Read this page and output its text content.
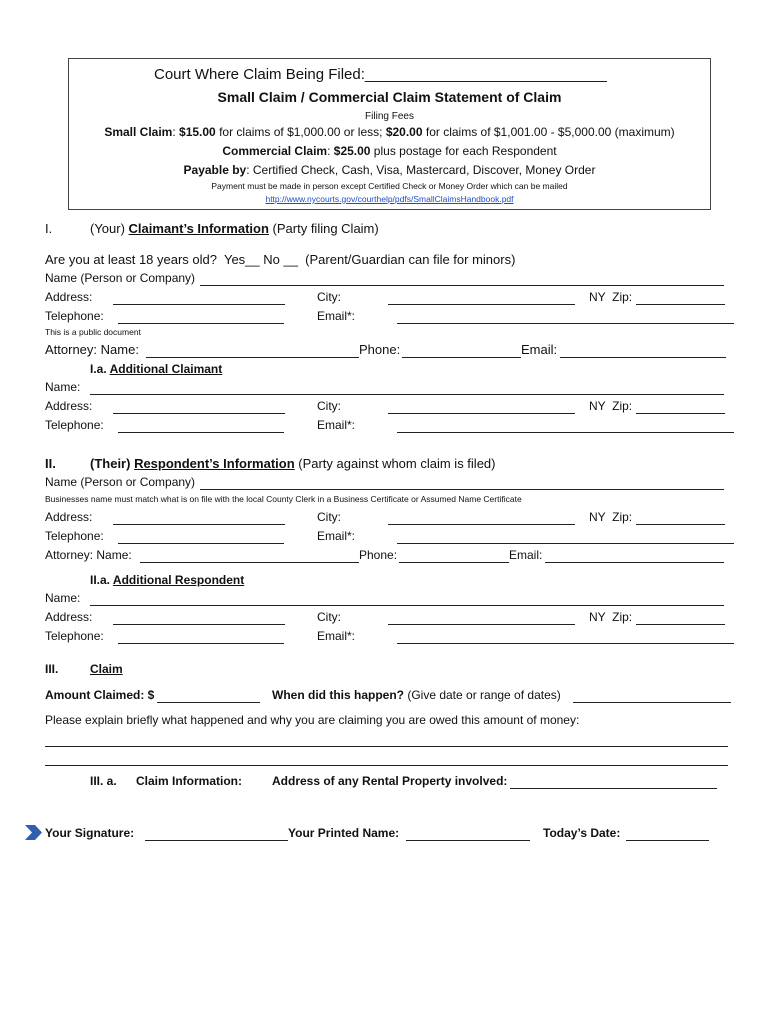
Court Where Claim Being Filed:_____________________________
Small Claim / Commercial Claim Statement of Claim
Filing Fees
Small Claim: $15.00 for claims of $1,000.00 or less; $20.00 for claims of $1,001.00 - $5,000.00 (maximum)
Commercial Claim: $25.00 plus postage for each Respondent
Payable by: Certified Check, Cash, Visa, Mastercard, Discover, Money Order
Payment must be made in person except Certified Check or Money Order which can be mailed
http://www.nycourts.gov/courthelp/pdfs/SmallClaimsHandbook.pdf
I.	(Your) Claimant’s Information (Party filing Claim)
Are you at least 18 years old?  Yes__ No __  (Parent/Guardian can file for minors)
Name (Person or Company)
Address:	City:	NY  Zip:
Telephone:	Email*:
This is a public document
Attorney: Name:	Phone:	Email:
I.a. Additional Claimant
Name:
Address:	City:	NY  Zip:
Telephone:	Email*:
II.	(Their) Respondent’s Information (Party against whom claim is filed)
Name (Person or Company)
Businesses name must match what is on file with the local County Clerk in a Business Certificate or Assumed Name Certificate
Address:	City:	NY  Zip:
Telephone:	Email*:
Attorney: Name:	Phone:	Email:
II.a. Additional Respondent
Name:
Address:	City:	NY  Zip:
Telephone:	Email*:
III.	Claim
Amount Claimed: $	When did this happen? (Give date or range of dates)
Please explain briefly what happened and why you are claiming you are owed this amount of money:
III. a. Claim Information: Address of any Rental Property involved:
Your Signature:	Your Printed Name:	Today’s Date:
